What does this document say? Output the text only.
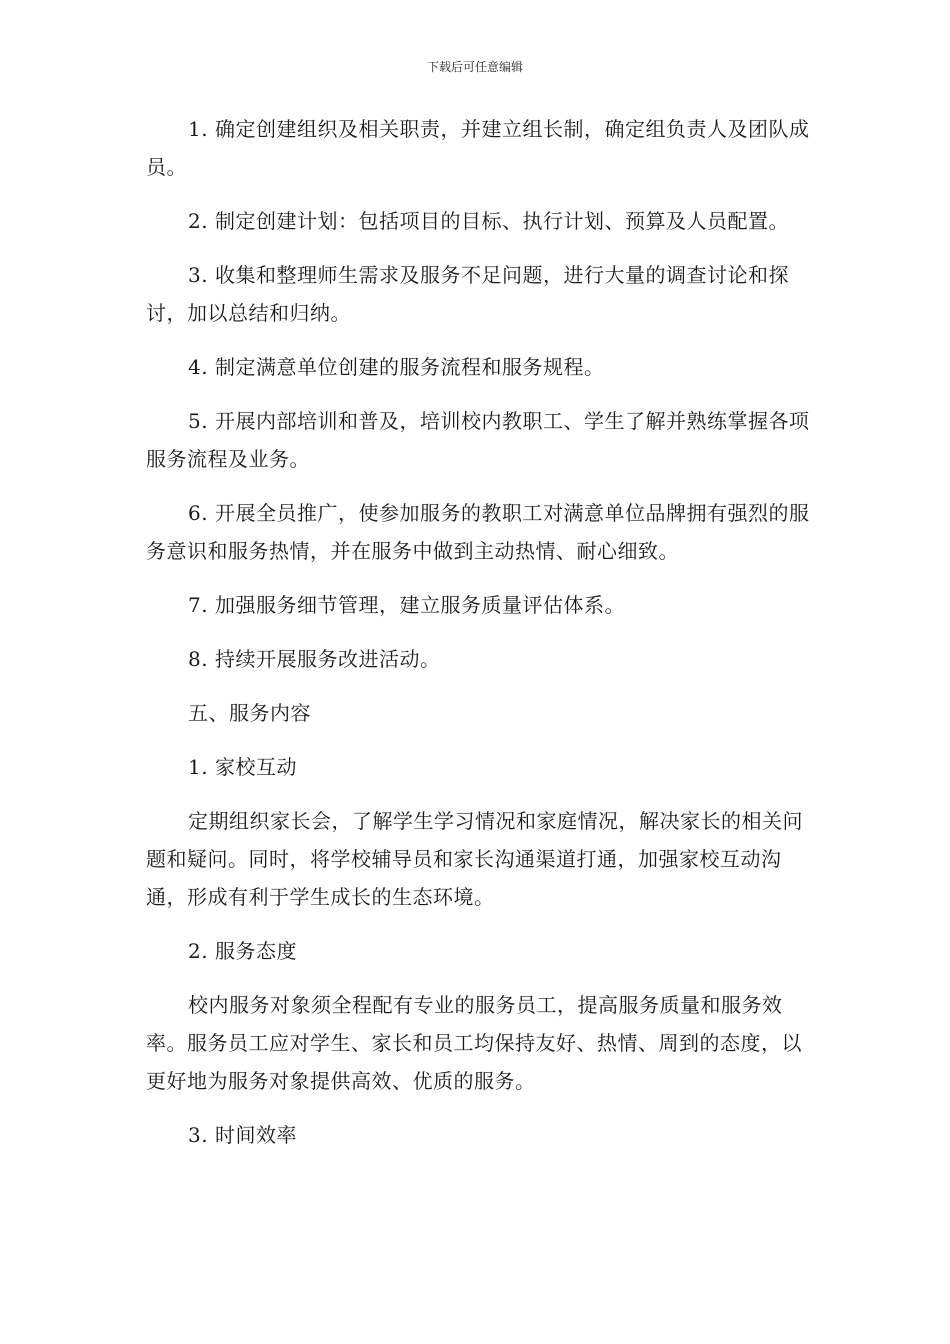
下载后可任意编辑

1. 确定创建组织及相关职责，并建立组长制，确定组负责人及团队成员。

2. 制定创建计划：包括项目的目标、执行计划、预算及人员配置。

3. 收集和整理师生需求及服务不足问题，进行大量的调查讨论和探讨，加以总结和归纳。

4. 制定满意单位创建的服务流程和服务规程。

5. 开展内部培训和普及，培训校内教职工、学生了解并熟练掌握各项服务流程及业务。

6. 开展全员推广，使参加服务的教职工对满意单位品牌拥有强烈的服务意识和服务热情，并在服务中做到主动热情、耐心细致。

7. 加强服务细节管理，建立服务质量评估体系。

8. 持续开展服务改进活动。

五、服务内容

1. 家校互动

定期组织家长会，了解学生学习情况和家庭情况，解决家长的相关问题和疑问。同时，将学校辅导员和家长沟通渠道打通，加强家校互动沟通，形成有利于学生成长的生态环境。

2. 服务态度

校内服务对象须全程配有专业的服务员工，提高服务质量和服务效率。服务员工应对学生、家长和员工均保持友好、热情、周到的态度，以更好地为服务对象提供高效、优质的服务。

3. 时间效率
